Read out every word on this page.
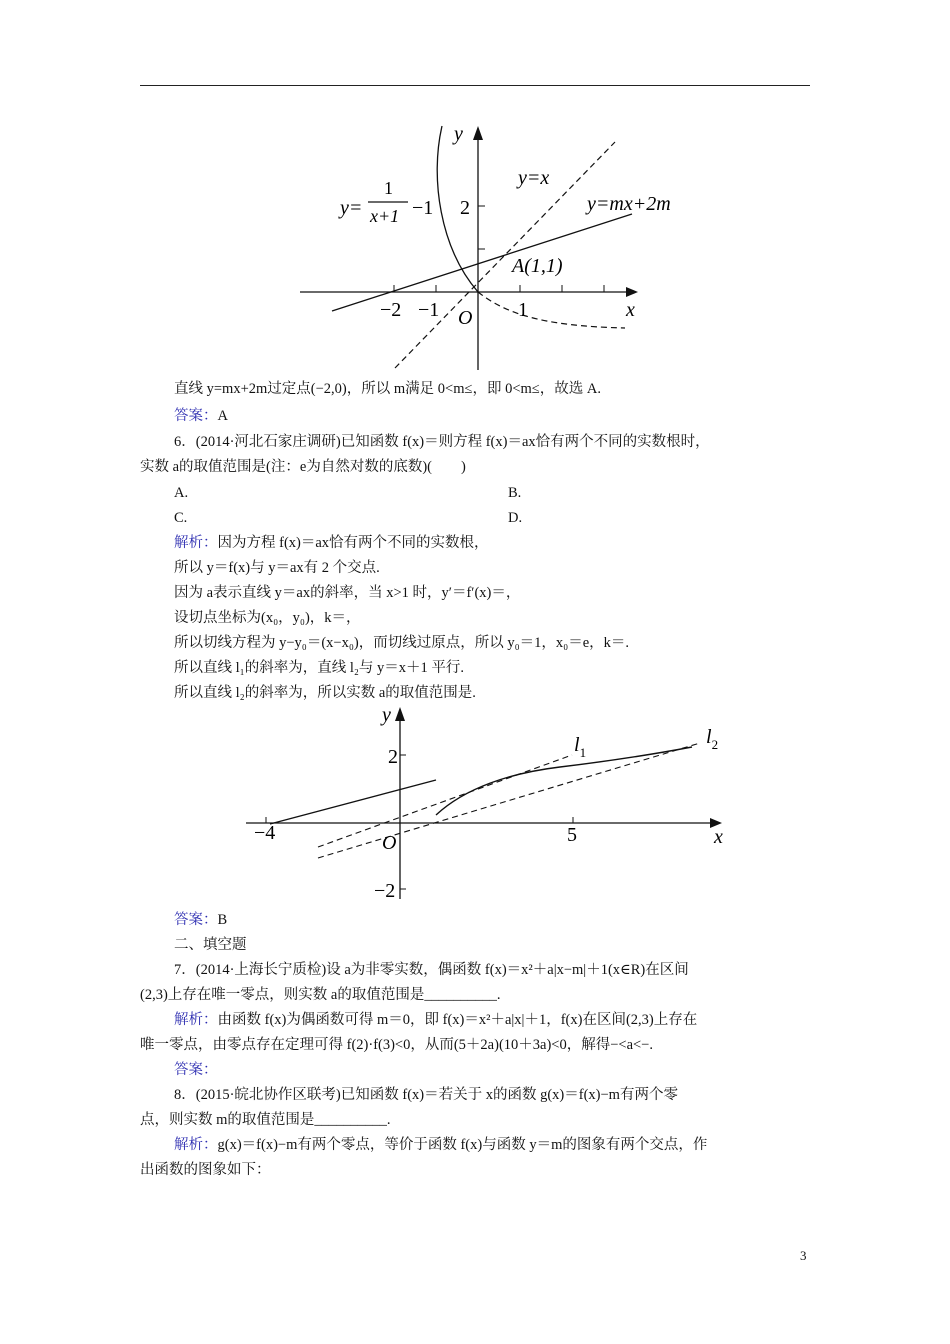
y
x
O
2
−2 −1	1
y=x
y=mx+2m
A(1,1)
y=
1
x+1 −1
直线 y=mx+2m过定点(−2,0)，所以 m满足 0<m≤，即 0<m≤，故选 A.
答案：A
6．(2014·河北石家庄调研)已知函数 f(x)＝则方程 f(x)＝ax恰有两个不同的实数根时，
实数 a的取值范围是(注：e为自然对数的底数)(　　)
A.	B.
C.	D.
解析：因为方程 f(x)＝ax恰有两个不同的实数根，
所以 y＝f(x)与 y＝ax有 2 个交点.
因为 a表示直线 y＝ax的斜率，当 x>1 时，y′＝f′(x)＝，
设切点坐标为(x₀，y₀)，k＝，
所以切线方程为 y−y₀＝(x−x₀)，而切线过原点，所以 y₀＝1，x₀＝e，k＝.
所以直线 l₁的斜率为，直线 l₂与 y＝x＋1 平行.
所以直线 l₂的斜率为，所以实数 a的取值范围是.
y
x
O
2
−2
−4	5
$l_1$
$l_2$
答案：B
二、填空题
7．(2014·上海长宁质检)设 a为非零实数，偶函数 f(x)＝x²＋a|x−m|＋1(x∈R)在区间
(2,3)上存在唯一零点，则实数 a的取值范围是__________.
解析：由函数 f(x)为偶函数可得 m＝0，即 f(x)＝x²＋a|x|＋1，f(x)在区间(2,3)上存在
唯一零点，由零点存在定理可得 f(2)·f(3)<0，从而(5＋2a)(10＋3a)<0，解得−<a<−.
答案：
8．(2015·皖北协作区联考)已知函数 f(x)＝若关于 x的函数 g(x)＝f(x)−m有两个零
点，则实数 m的取值范围是__________.
解析：g(x)＝f(x)−m有两个零点，等价于函数 f(x)与函数 y＝m的图象有两个交点，作
出函数的图象如下：
3
